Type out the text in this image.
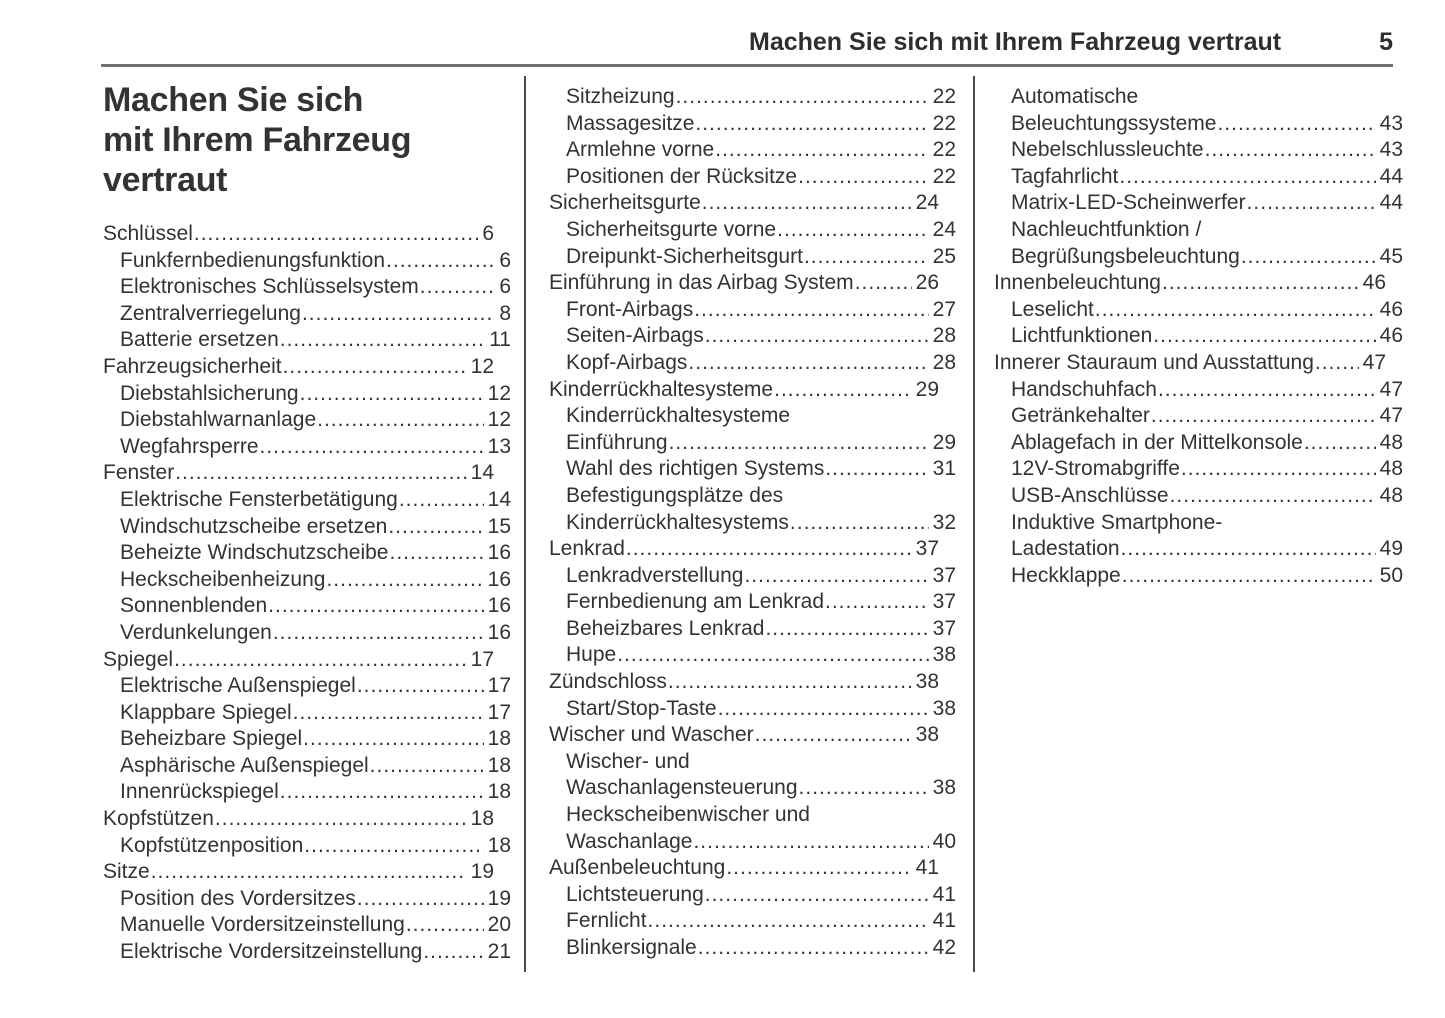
Machen Sie sich mit Ihrem Fahrzeug vertraut	5
Machen Sie sich
mit Ihrem Fahrzeug
vertraut
Schlüssel .....	6
Funkfernbedienungsfunktion .....	6
Elektronisches Schlüsselsystem .....	6
Zentralverriegelung .....	8
Batterie ersetzen .....	11
Fahrzeugsicherheit .....	12
Diebstahlsicherung .....	12
Diebstahlwarnanlage .....	12
Wegfahrsperre .....	13
Fenster .....	14
Elektrische Fensterbetätigung .....	14
Windschutzscheibe ersetzen .....	15
Beheizte Windschutzscheibe .....	16
Heckscheibenheizung .....	16
Sonnenblenden .....	16
Verdunkelungen .....	16
Spiegel .....	17
Elektrische Außenspiegel .....	17
Klappbare Spiegel .....	17
Beheizbare Spiegel .....	18
Asphärische Außenspiegel .....	18
Innenrückspiegel .....	18
Kopfstützen .....	18
Kopfstützenposition .....	18
Sitze .....	19
Position des Vordersitzes .....	19
Manuelle Vordersitzeinstellung .....	20
Elektrische Vordersitzeinstellung .....	21
Sitzheizung .....	22
Massagesitze .....	22
Armlehne vorne .....	22
Positionen der Rücksitze .....	22
Sicherheitsgurte .....	24
Sicherheitsgurte vorne .....	24
Dreipunkt-Sicherheitsgurt .....	25
Einführung in das Airbag System .....	26
Front-Airbags .....	27
Seiten-Airbags .....	28
Kopf-Airbags .....	28
Kinderrückhaltesysteme .....	29
Kinderrückhaltesysteme
Einführung .....	29
Wahl des richtigen Systems .....	31
Befestigungsplätze des
Kinderrückhaltesystems .....	32
Lenkrad .....	37
Lenkradverstellung .....	37
Fernbedienung am Lenkrad .....	37
Beheizbares Lenkrad .....	37
Hupe .....	38
Zündschloss .....	38
Start/Stop-Taste .....	38
Wischer und Wascher .....	38
Wischer- und
Waschanlagensteuerung .....	38
Heckscheibenwischer und
Waschanlage .....	40
Außenbeleuchtung .....	41
Lichtsteuerung .....	41
Fernlicht .....	41
Blinkersignale .....	42
Automatische
Beleuchtungssysteme .....	43
Nebelschlussleuchte .....	43
Tagfahrlicht .....	44
Matrix-LED-Scheinwerfer .....	44
Nachleuchtfunktion /
Begrüßungsbeleuchtung .....	45
Innenbeleuchtung .....	46
Leselicht .....	46
Lichtfunktionen .....	46
Innerer Stauraum und Ausstattung ..... 47
Handschuhfach .....	47
Getränkehalter .....	47
Ablagefach in der Mittelkonsole .....	48
12V-Stromabgriffe .....	48
USB-Anschlüsse .....	48
Induktive Smartphone-
Ladestation .....	49
Heckklappe .....	50
